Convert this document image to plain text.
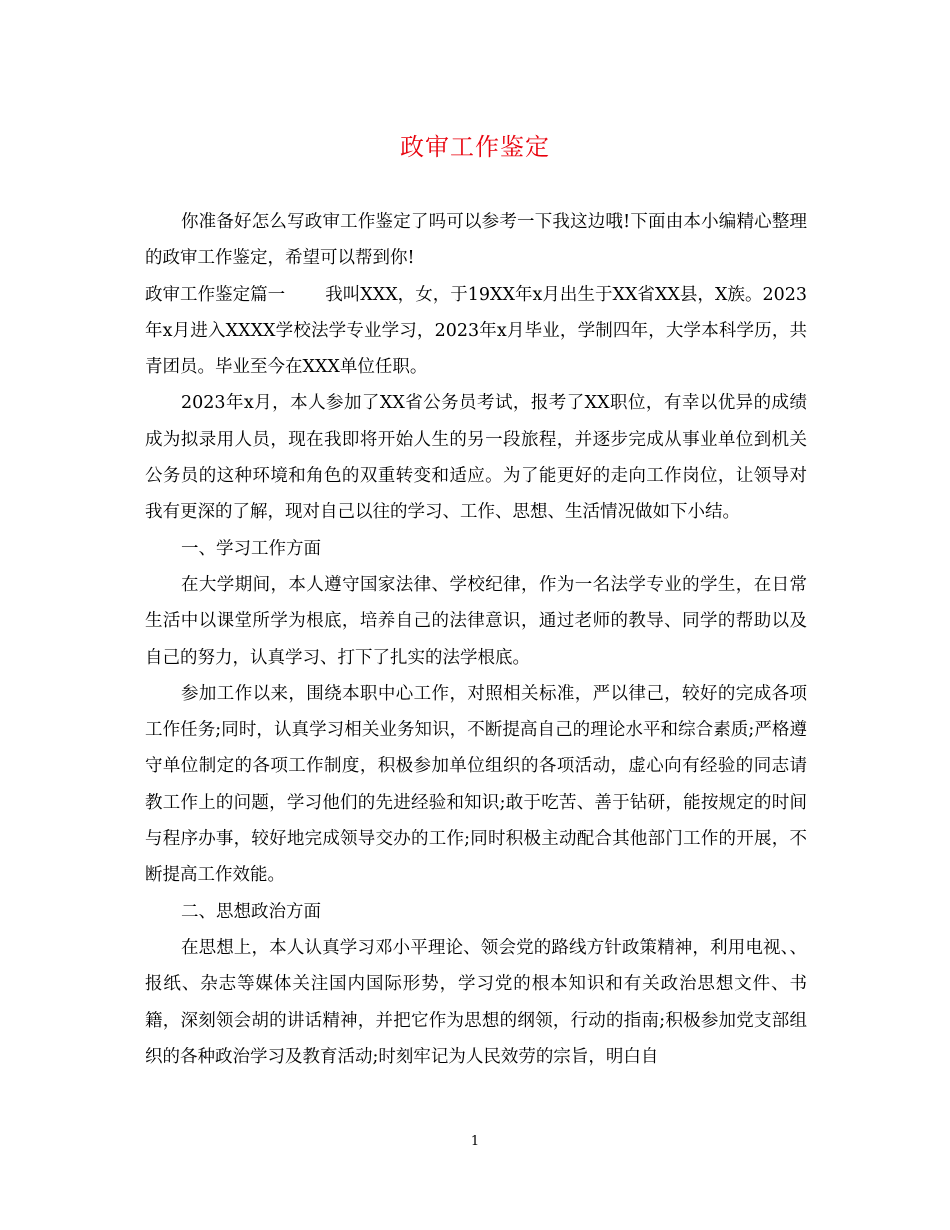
政审工作鉴定

你准备好怎么写政审工作鉴定了吗可以参考一下我这边哦!下面由本小编精心整理的政审工作鉴定，希望可以帮到你!

政审工作鉴定篇一 我叫XXX，女，于19XX年x月出生于XX省XX县，X族。2023年x月进入XXXX学校法学专业学习，2023年x月毕业，学制四年，大学本科学历，共青团员。毕业至今在XXX单位任职。

2023年x月，本人参加了XX省公务员考试，报考了XX职位，有幸以优异的成绩成为拟录用人员，现在我即将开始人生的另一段旅程，并逐步完成从事业单位到机关公务员的这种环境和角色的双重转变和适应。为了能更好的走向工作岗位，让领导对我有更深的了解，现对自己以往的学习、工作、思想、生活情况做如下小结。

一、学习工作方面

在大学期间，本人遵守国家法律、学校纪律，作为一名法学专业的学生，在日常生活中以课堂所学为根底，培养自己的法律意识，通过老师的教导、同学的帮助以及自己的努力，认真学习、打下了扎实的法学根底。

参加工作以来，围绕本职中心工作，对照相关标准，严以律己，较好的完成各项工作任务;同时，认真学习相关业务知识，不断提高自己的理论水平和综合素质;严格遵守单位制定的各项工作制度，积极参加单位组织的各项活动，虚心向有经验的同志请教工作上的问题，学习他们的先进经验和知识;敢于吃苦、善于钻研，能按规定的时间与程序办事，较好地完成领导交办的工作;同时积极主动配合其他部门工作的开展，不断提高工作效能。

二、思想政治方面

在思想上，本人认真学习邓小平理论、领会党的路线方针政策精神，利用电视、、报纸、杂志等媒体关注国内国际形势，学习党的根本知识和有关政治思想文件、书籍，深刻领会胡的讲话精神，并把它作为思想的纲领，行动的指南;积极参加党支部组织的各种政治学习及教育活动;时刻牢记为人民效劳的宗旨，明白自

1
